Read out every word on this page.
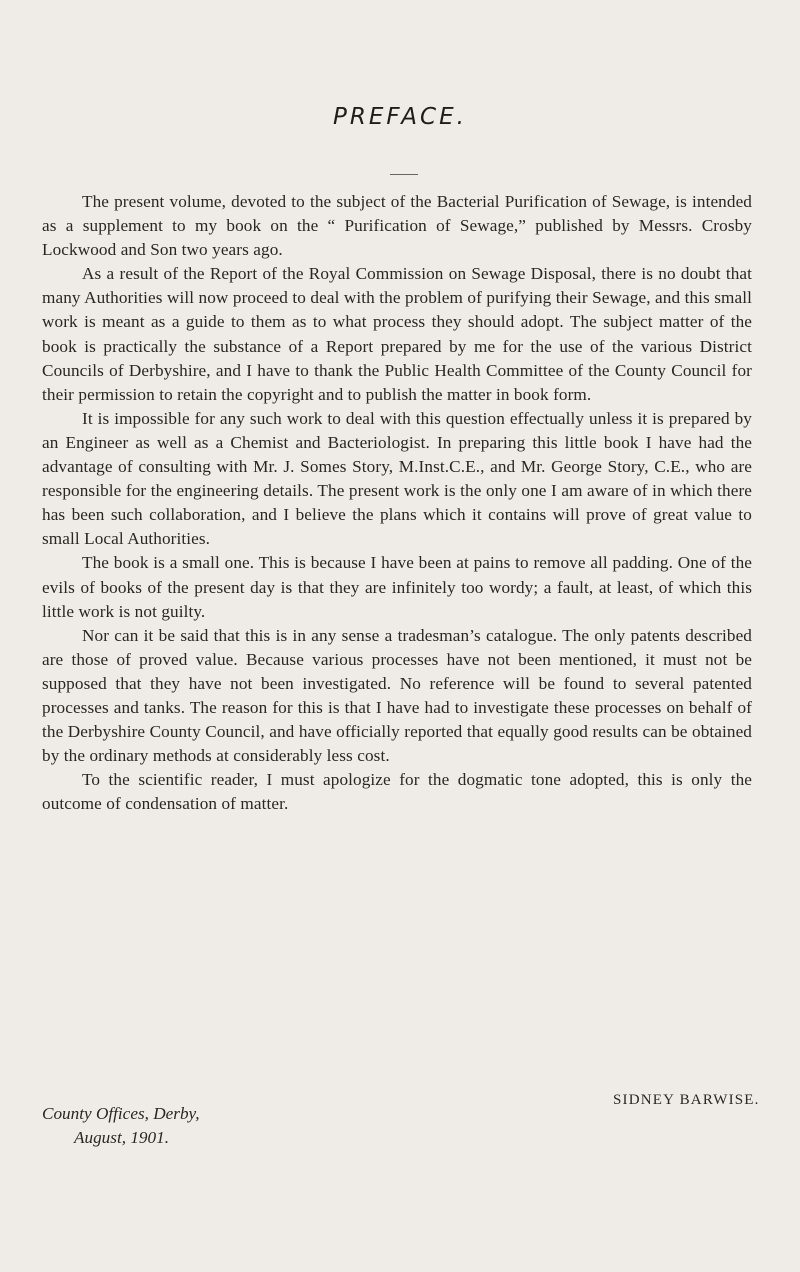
PREFACE.

The present volume, devoted to the subject of the Bacterial Purification of Sewage, is intended as a supplement to my book on the “ Purification of Sewage,” published by Messrs. Crosby Lockwood and Son two years ago.

As a result of the Report of the Royal Commission on Sewage Disposal, there is no doubt that many Authorities will now proceed to deal with the problem of purifying their Sewage, and this small work is meant as a guide to them as to what process they should adopt. The subject matter of the book is practically the substance of a Report prepared by me for the use of the various District Councils of Derbyshire, and I have to thank the Public Health Committee of the County Council for their permission to retain the copyright and to publish the matter in book form.

It is impossible for any such work to deal with this question effectually unless it is prepared by an Engineer as well as a Chemist and Bacteriologist. In preparing this little book I have had the advantage of consulting with Mr. J. Somes Story, M.Inst.C.E., and Mr. George Story, C.E., who are responsible for the engineering details. The present work is the only one I am aware of in which there has been such collaboration, and I believe the plans which it contains will prove of great value to small Local Authorities.

The book is a small one. This is because I have been at pains to remove all padding. One of the evils of books of the present day is that they are infinitely too wordy; a fault, at least, of which this little work is not guilty.

Nor can it be said that this is in any sense a tradesman’s catalogue. The only patents described are those of proved value. Because various processes have not been mentioned, it must not be supposed that they have not been investigated. No reference will be found to several patented processes and tanks. The reason for this is that I have had to investigate these processes on behalf of the Derbyshire County Council, and have officially reported that equally good results can be obtained by the ordinary methods at considerably less cost.

To the scientific reader, I must apologize for the dogmatic tone adopted, this is only the outcome of condensation of matter.

SIDNEY BARWISE.
County Offices, Derby,
August, 1901.
